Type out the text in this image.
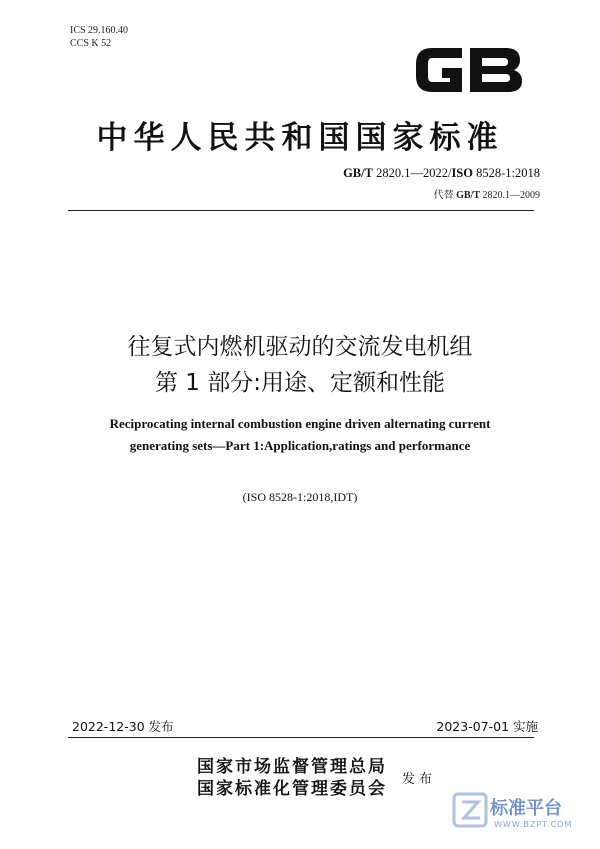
ICS 29.160.40
CCS K 52
中华人民共和国国家标准
GB/T 2820.1—2022/ISO 8528-1:2018
代替 GB/T 2820.1—2009
往复式内燃机驱动的交流发电机组
第 1 部分:用途、定额和性能
Reciprocating internal combustion engine driven alternating current
generating sets—Part 1:Application,ratings and performance
(ISO 8528-1:2018,IDT)
2022-12-30 发布	2023-07-01 实施
国家市场监督管理总局
国家标准化管理委员会 发布
标准平台
WWW.BZPT.COM
